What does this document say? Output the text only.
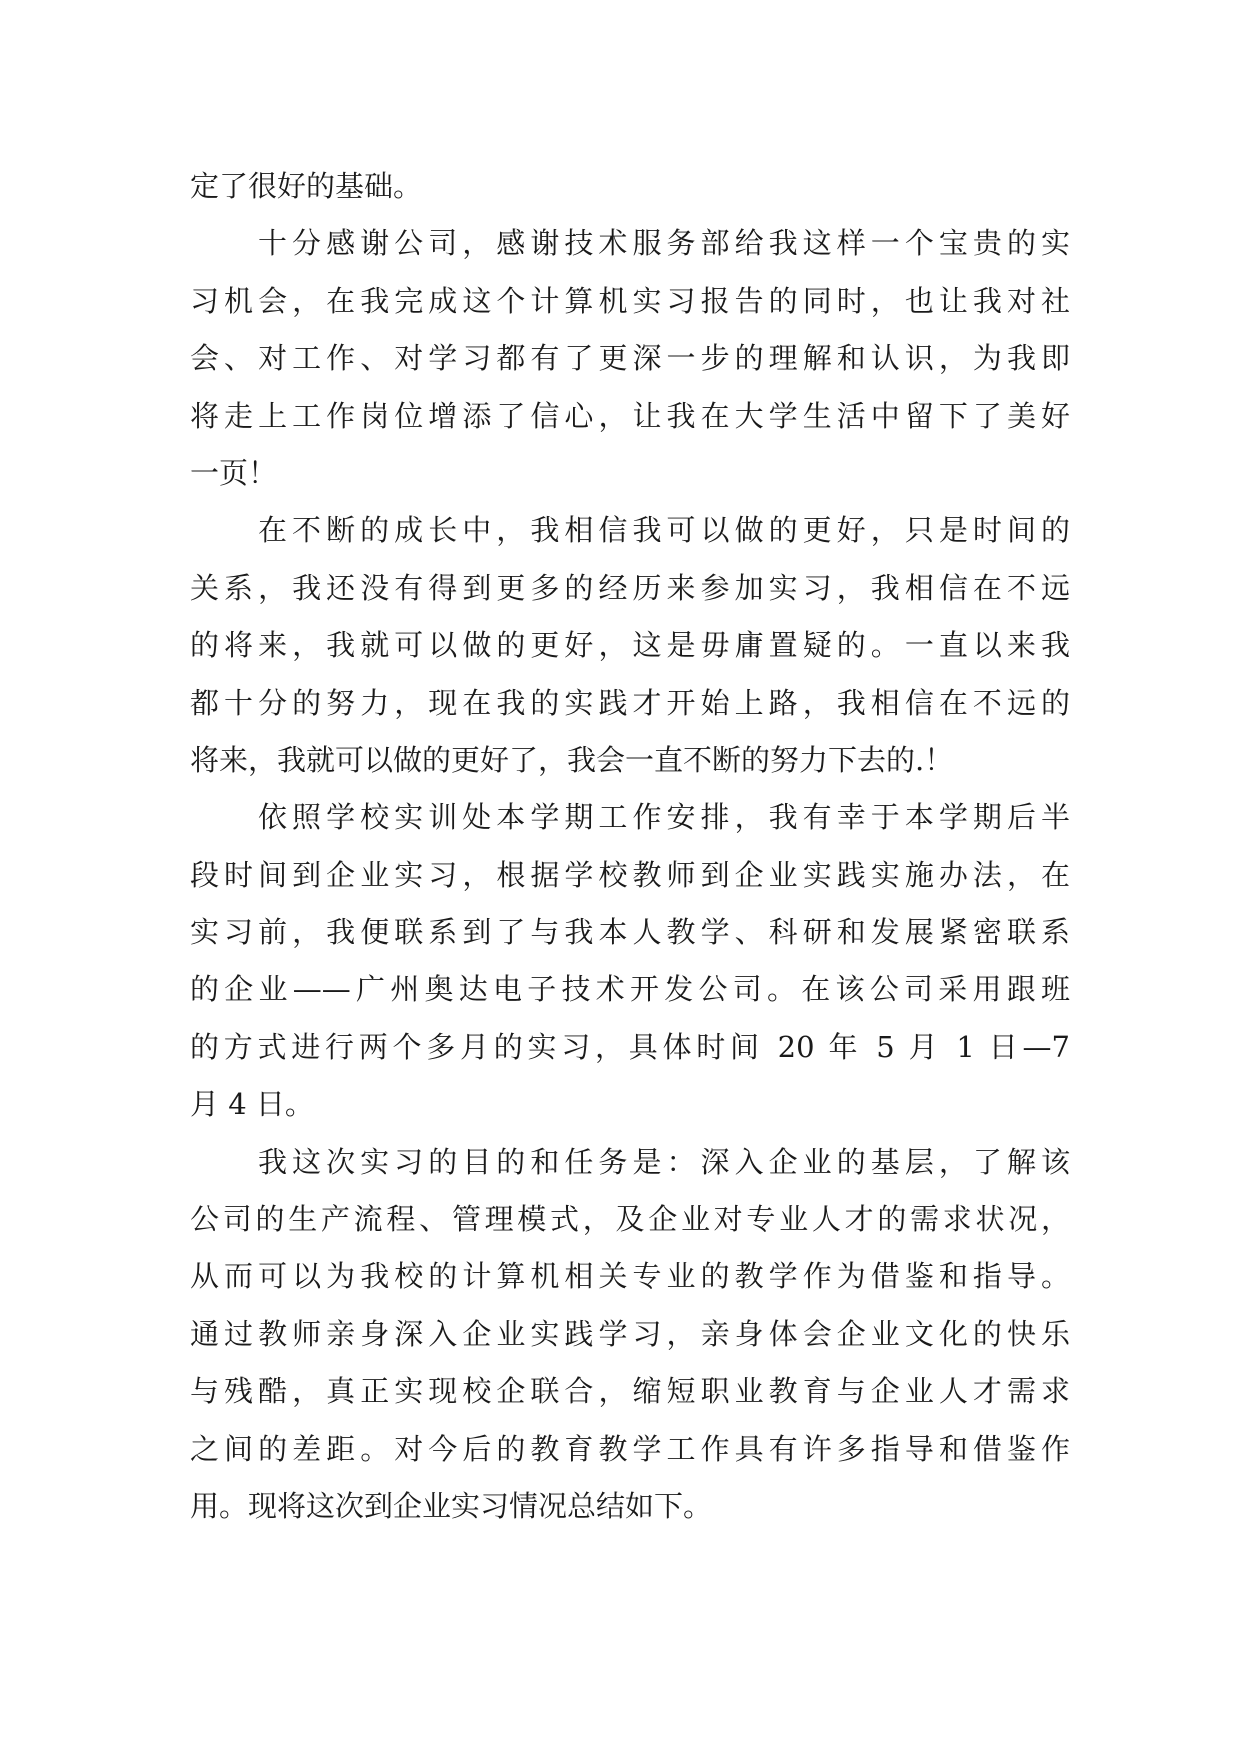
定了很好的基础。
十分感谢公司，感谢技术服务部给我这样一个宝贵的实
习机会，在我完成这个计算机实习报告的同时，也让我对社
会、对工作、对学习都有了更深一步的理解和认识，为我即
将走上工作岗位增添了信心，让我在大学生活中留下了美好
一页！
在不断的成长中，我相信我可以做的更好，只是时间的
关系，我还没有得到更多的经历来参加实习，我相信在不远
的将来，我就可以做的更好，这是毋庸置疑的。一直以来我
都十分的努力，现在我的实践才开始上路，我相信在不远的
将来，我就可以做的更好了，我会一直不断的努力下去的.！
依照学校实训处本学期工作安排，我有幸于本学期后半
段时间到企业实习，根据学校教师到企业实践实施办法，在
实习前，我便联系到了与我本人教学、科研和发展紧密联系
的企业——广州奥达电子技术开发公司。在该公司采用跟班
的方式进行两个多月的实习，具体时间 20 年 5 月 1 日—7
月 4 日。
我这次实习的目的和任务是：深入企业的基层，了解该
公司的生产流程、管理模式，及企业对专业人才的需求状况，
从而可以为我校的计算机相关专业的教学作为借鉴和指导。
通过教师亲身深入企业实践学习，亲身体会企业文化的快乐
与残酷，真正实现校企联合，缩短职业教育与企业人才需求
之间的差距。对今后的教育教学工作具有许多指导和借鉴作
用。现将这次到企业实习情况总结如下。
